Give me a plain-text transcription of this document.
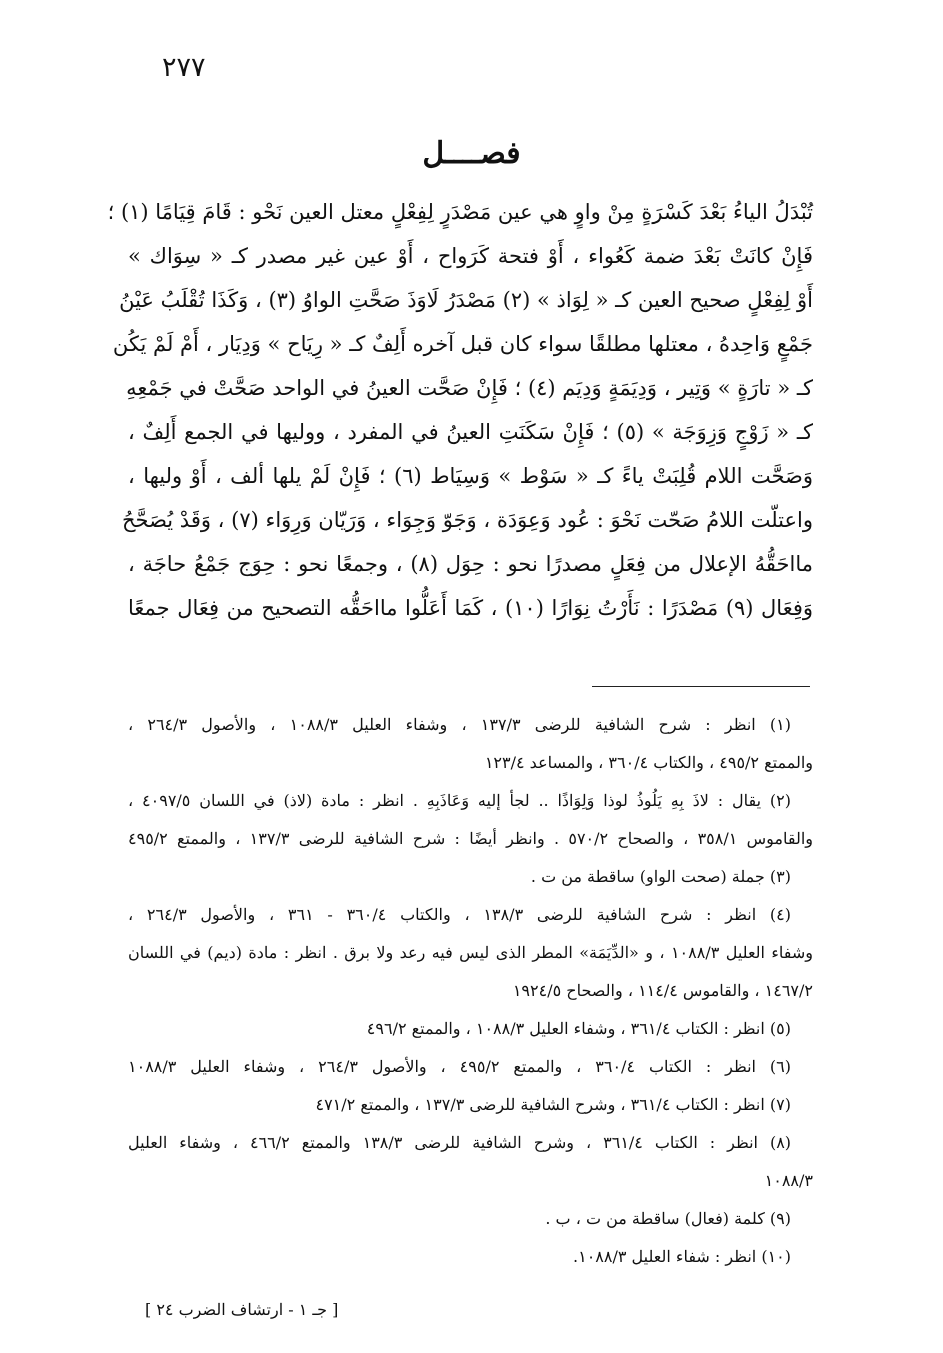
٢٧٧
فصــــل
تُبْدَلُ الياءُ بَعْدَ كَسْرَةٍ مِنْ واوٍ هي عين مَصْدَرٍ لِفِعْلٍ معتل العين نَحْو : قَامَ قِيَامًا (١) ؛
فَإِنْ كانَتْ بَعْدَ ضمة كَعُواء ، أَوْ فتحة كَرَواح ، أَوْ عين غير مصدر كـ « سِوَاك »
أَوْ لِفِعْلٍ صحيح العين كـ « لِوَاذ » (٢) مَصْدَرُ لَاوَذَ صَحَّتِ الواوُ (٣) ، وَكَذَا تُقْلَبُ عَيْنُ
جَمْعٍ وَاحِدهُ ، معتلها مطلقًا سواء كان قبل آخره أَلِفٌ كـ « رِيَاح » وَدِيَار ، أَمْ لَمْ يَكُن
كـ « تارَةٍ » وَتِير ، وَدِيَمَةٍ وَدِيَم (٤) ؛ فَإِنْ صَحَّت العينُ في الواحد صَحَّتْ في جَمْعِهِ
كـ « زَوْجٍ وَزِوَجَة » (٥) ؛ فَإِنْ سَكَنَتِ العينُ في المفرد ، ووليها في الجمع أَلِفٌ ،
وَصَحَّت اللام قُلِبَتْ ياءً كـ « سَوْط » وَسِيَاط (٦) ؛ فَإِنْ لَمْ يلها ألف ، أَوْ وليها ،
واعتلّت اللامُ صَحّت نَحْوَ : عُود وَعِوَدَة ، وَجَوّ وَجِوَاء ، وَرَيّان وَرِوَاء (٧) ، وَقَدْ يُصَحَّحُ
مااحَقُّهُ الإعلال من فِعَلٍ مصدرًا نحو : حِوَل (٨) ، وجمعًا نحو : حِوَج جَمْعُ حاجَة ،
وَفِعَال (٩) مَصْدَرًا : نَأَرْتُ نِوَارًا (١٠) ، كَمَا أَعَلُّوا مااحَقُّه التصحيح من فِعَال جمعًا
(١) انظر : شرح الشافية للرضى ١٣٧/٣ ، وشفاء العليل ١٠٨٨/٣ ، والأصول ٢٦٤/٣ ،
والممتع ٤٩٥/٢ ، والكتاب ٣٦٠/٤ ، والمساعد ١٢٣/٤
(٢) يقال : لاذَ بِهِ يَلُوذُ لوذا وَلِوَاذًا .. لجأ إليه وَعَاذَبِهِ . انظر : مادة (لاذ) في اللسان ٤٠٩٧/٥ ،
والقاموس ٣٥٨/١ ، والصحاح ٥٧٠/٢ . وانظر أيضًا : شرح الشافية للرضى ١٣٧/٣ ، والممتع ٤٩٥/٢
(٣) جملة (صحت الواو) ساقطة من ت .
(٤) انظر : شرح الشافية للرضى ١٣٨/٣ ، والكتاب ٣٦٠/٤ - ٣٦١ ، والأصول ٢٦٤/٣ ،
وشفاء العليل ١٠٨٨/٣ ، و «الدِّيَمَة» المطر الذى ليس فيه رعد ولا برق . انظر : مادة (ديم) في اللسان
١٤٦٧/٢ ، والقاموس ١١٤/٤ ، والصحاح ١٩٢٤/٥
(٥) انظر : الكتاب ٣٦١/٤ ، وشفاء العليل ١٠٨٨/٣ ، والممتع ٤٩٦/٢
(٦) انظر : الكتاب ٣٦٠/٤ ، والممتع ٤٩٥/٢ ، والأصول ٢٦٤/٣ ، وشفاء العليل ١٠٨٨/٣
(٧) انظر : الكتاب ٣٦١/٤ ، وشرح الشافية للرضى ١٣٧/٣ ، والممتع ٤٧١/٢
(٨) انظر : الكتاب ٣٦١/٤ ، وشرح الشافية للرضى ١٣٨/٣ والممتع ٤٦٦/٢ ، وشفاء العليل
١٠٨٨/٣
(٩) كلمة (فعال) ساقطة من ت ، ب .
(١٠) انظر : شفاء العليل ١٠٨٨/٣.
[ جـ ١ - ارتشاف الضرب ٢٤ ]
